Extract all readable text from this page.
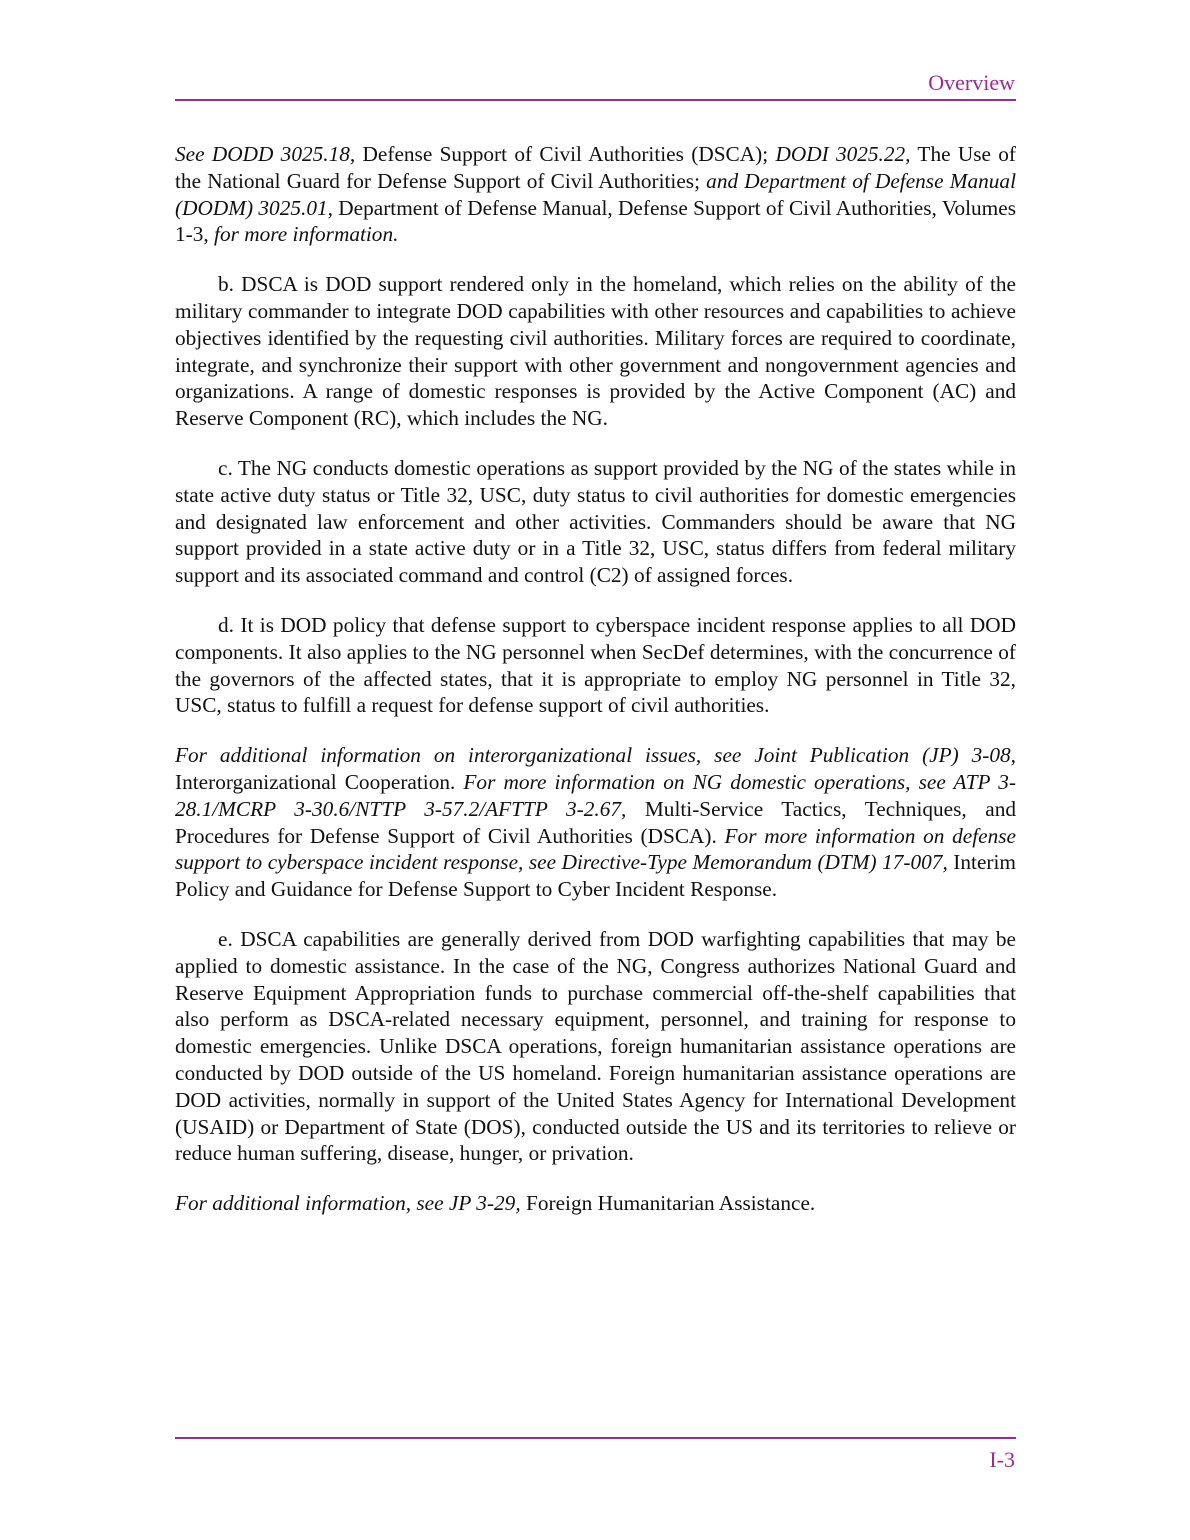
Overview

See DODD 3025.18, Defense Support of Civil Authorities (DSCA); DODI 3025.22, The Use of the National Guard for Defense Support of Civil Authorities; and Department of Defense Manual (DODM) 3025.01, Department of Defense Manual, Defense Support of Civil Authorities, Volumes 1-3, for more information.

b. DSCA is DOD support rendered only in the homeland, which relies on the ability of the military commander to integrate DOD capabilities with other resources and capabilities to achieve objectives identified by the requesting civil authorities. Military forces are required to coordinate, integrate, and synchronize their support with other government and nongovernment agencies and organizations. A range of domestic responses is provided by the Active Component (AC) and Reserve Component (RC), which includes the NG.

c. The NG conducts domestic operations as support provided by the NG of the states while in state active duty status or Title 32, USC, duty status to civil authorities for domestic emergencies and designated law enforcement and other activities. Commanders should be aware that NG support provided in a state active duty or in a Title 32, USC, status differs from federal military support and its associated command and control (C2) of assigned forces.

d. It is DOD policy that defense support to cyberspace incident response applies to all DOD components. It also applies to the NG personnel when SecDef determines, with the concurrence of the governors of the affected states, that it is appropriate to employ NG personnel in Title 32, USC, status to fulfill a request for defense support of civil authorities.

For additional information on interorganizational issues, see Joint Publication (JP) 3-08, Interorganizational Cooperation. For more information on NG domestic operations, see ATP 3-28.1/MCRP 3-30.6/NTTP 3-57.2/AFTTP 3-2.67, Multi-Service Tactics, Techniques, and Procedures for Defense Support of Civil Authorities (DSCA). For more information on defense support to cyberspace incident response, see Directive-Type Memorandum (DTM) 17-007, Interim Policy and Guidance for Defense Support to Cyber Incident Response.

e. DSCA capabilities are generally derived from DOD warfighting capabilities that may be applied to domestic assistance. In the case of the NG, Congress authorizes National Guard and Reserve Equipment Appropriation funds to purchase commercial off-the-shelf capabilities that also perform as DSCA-related necessary equipment, personnel, and training for response to domestic emergencies. Unlike DSCA operations, foreign humanitarian assistance operations are conducted by DOD outside of the US homeland. Foreign humanitarian assistance operations are DOD activities, normally in support of the United States Agency for International Development (USAID) or Department of State (DOS), conducted outside the US and its territories to relieve or reduce human suffering, disease, hunger, or privation.

For additional information, see JP 3-29, Foreign Humanitarian Assistance.

I-3
